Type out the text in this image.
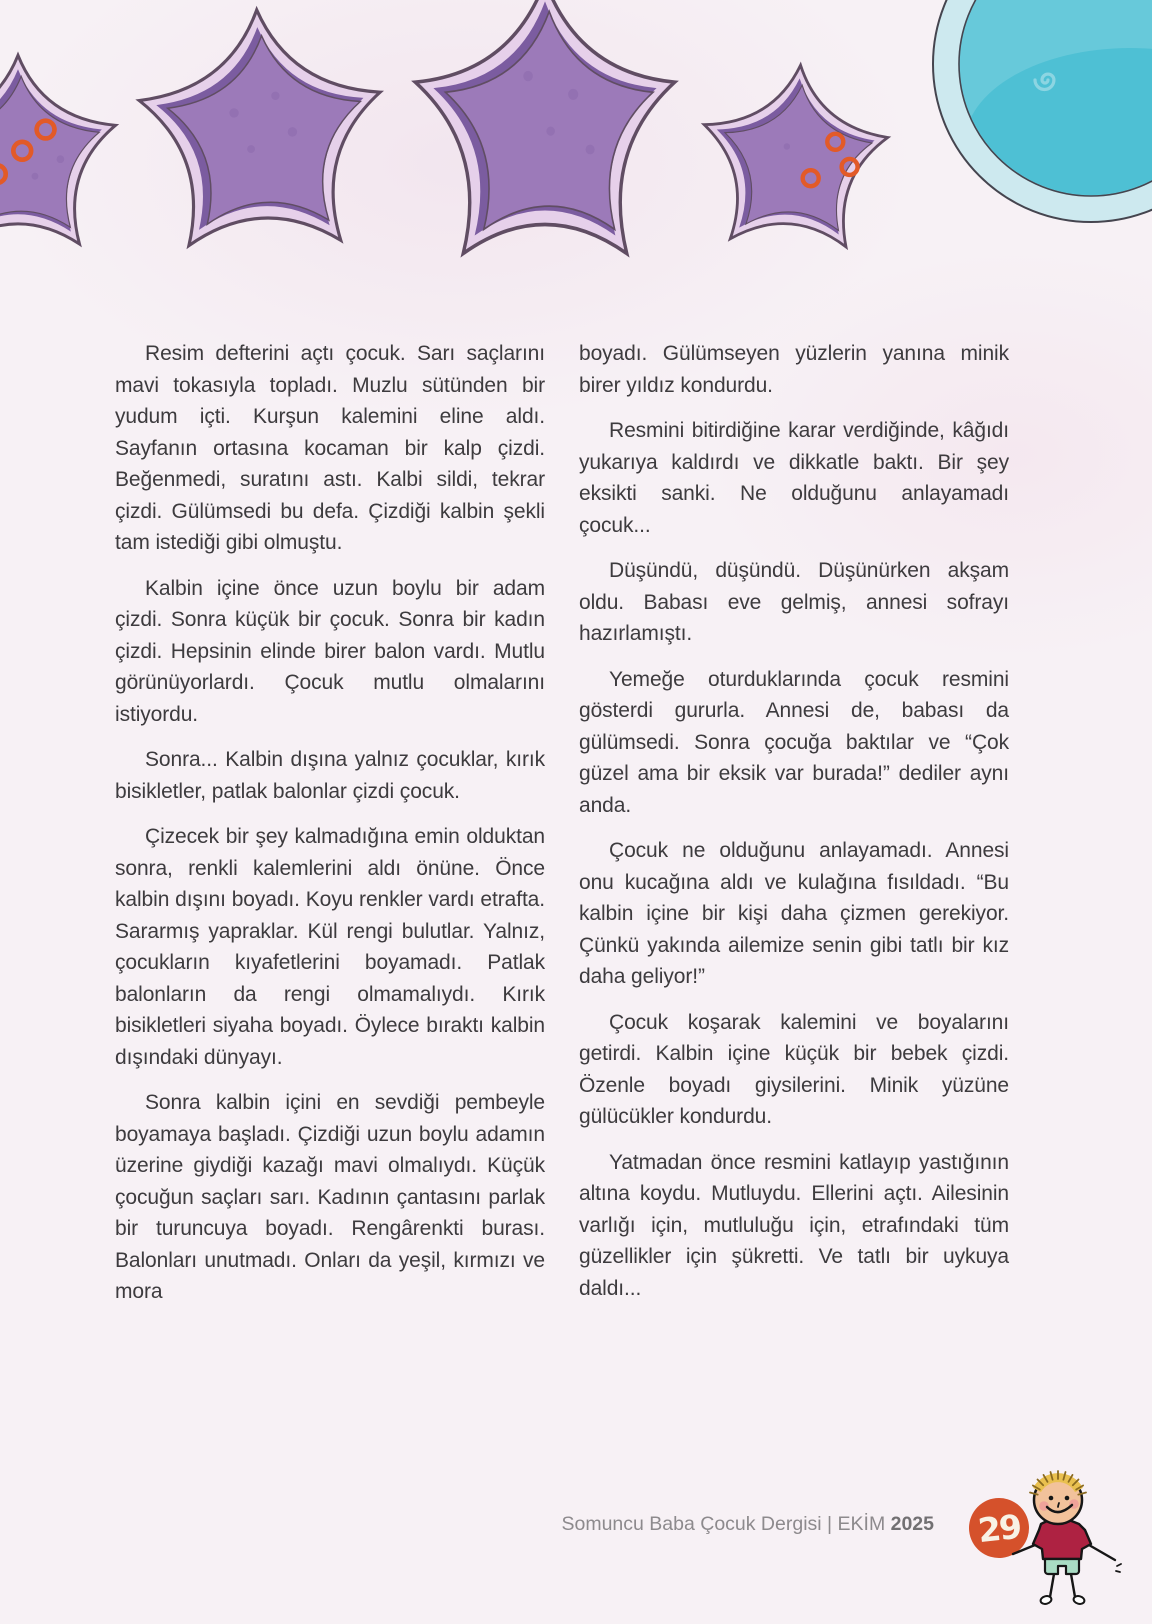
Resim defterini açtı çocuk. Sarı saçlarını mavi tokasıyla topladı. Muzlu sütünden bir yudum içti. Kurşun kalemini eline aldı. Sayfanın ortasına kocaman bir kalp çizdi. Beğenmedi, suratını astı. Kalbi sildi, tekrar çizdi. Gülümsedi bu defa. Çizdiği kalbin şekli tam istediği gibi olmuştu.

Kalbin içine önce uzun boylu bir adam çizdi. Sonra küçük bir çocuk. Sonra bir kadın çizdi. Hepsinin elinde birer balon vardı. Mutlu görünüyorlardı. Çocuk mutlu olmalarını istiyordu.

Sonra... Kalbin dışına yalnız çocuklar, kırık bisikletler, patlak balonlar çizdi çocuk.

Çizecek bir şey kalmadığına emin olduktan sonra, renkli kalemlerini aldı önüne. Önce kalbin dışını boyadı. Koyu renkler vardı etrafta. Sararmış yapraklar. Kül rengi bulutlar. Yalnız, çocukların kıyafetlerini boyamadı. Patlak balonların da rengi olmamalıydı. Kırık bisikletleri siyaha boyadı. Öylece bıraktı kalbin dışındaki dünyayı.

Sonra kalbin içini en sevdiği pembeyle boyamaya başladı. Çizdiği uzun boylu adamın üzerine giydiği kazağı mavi olmalıydı. Küçük çocuğun saçları sarı. Kadının çantasını parlak bir turuncuya boyadı. Rengârenkti burası. Balonları unutmadı. Onları da yeşil, kırmızı ve mora

boyadı. Gülümseyen yüzlerin yanına minik birer yıldız kondurdu.

Resmini bitirdiğine karar verdiğinde, kâğıdı yukarıya kaldırdı ve dikkatle baktı. Bir şey eksikti sanki. Ne olduğunu anlayamadı çocuk...

Düşündü, düşündü. Düşünürken akşam oldu. Babası eve gelmiş, annesi sofrayı hazırlamıştı.

Yemeğe oturduklarında çocuk resmini gösterdi gururla. Annesi de, babası da gülümsedi. Sonra çocuğa baktılar ve “Çok güzel ama bir eksik var burada!” dediler aynı anda.

Çocuk ne olduğunu anlayamadı. Annesi onu kucağına aldı ve kulağına fısıldadı. “Bu kalbin içine bir kişi daha çizmen gerekiyor. Çünkü yakında ailemize senin gibi tatlı bir kız daha geliyor!”

Çocuk koşarak kalemini ve boyalarını getirdi. Kalbin içine küçük bir bebek çizdi. Özenle boyadı giysilerini. Minik yüzüne gülücükler kondurdu.

Yatmadan önce resmini katlayıp yastığının altına koydu. Mutluydu. Ellerini açtı. Ailesinin varlığı için, mutluluğu için, etrafındaki tüm güzellikler için şükretti. Ve tatlı bir uykuya daldı...

Somuncu Baba Çocuk Dergisi | EKİM 2025 29
